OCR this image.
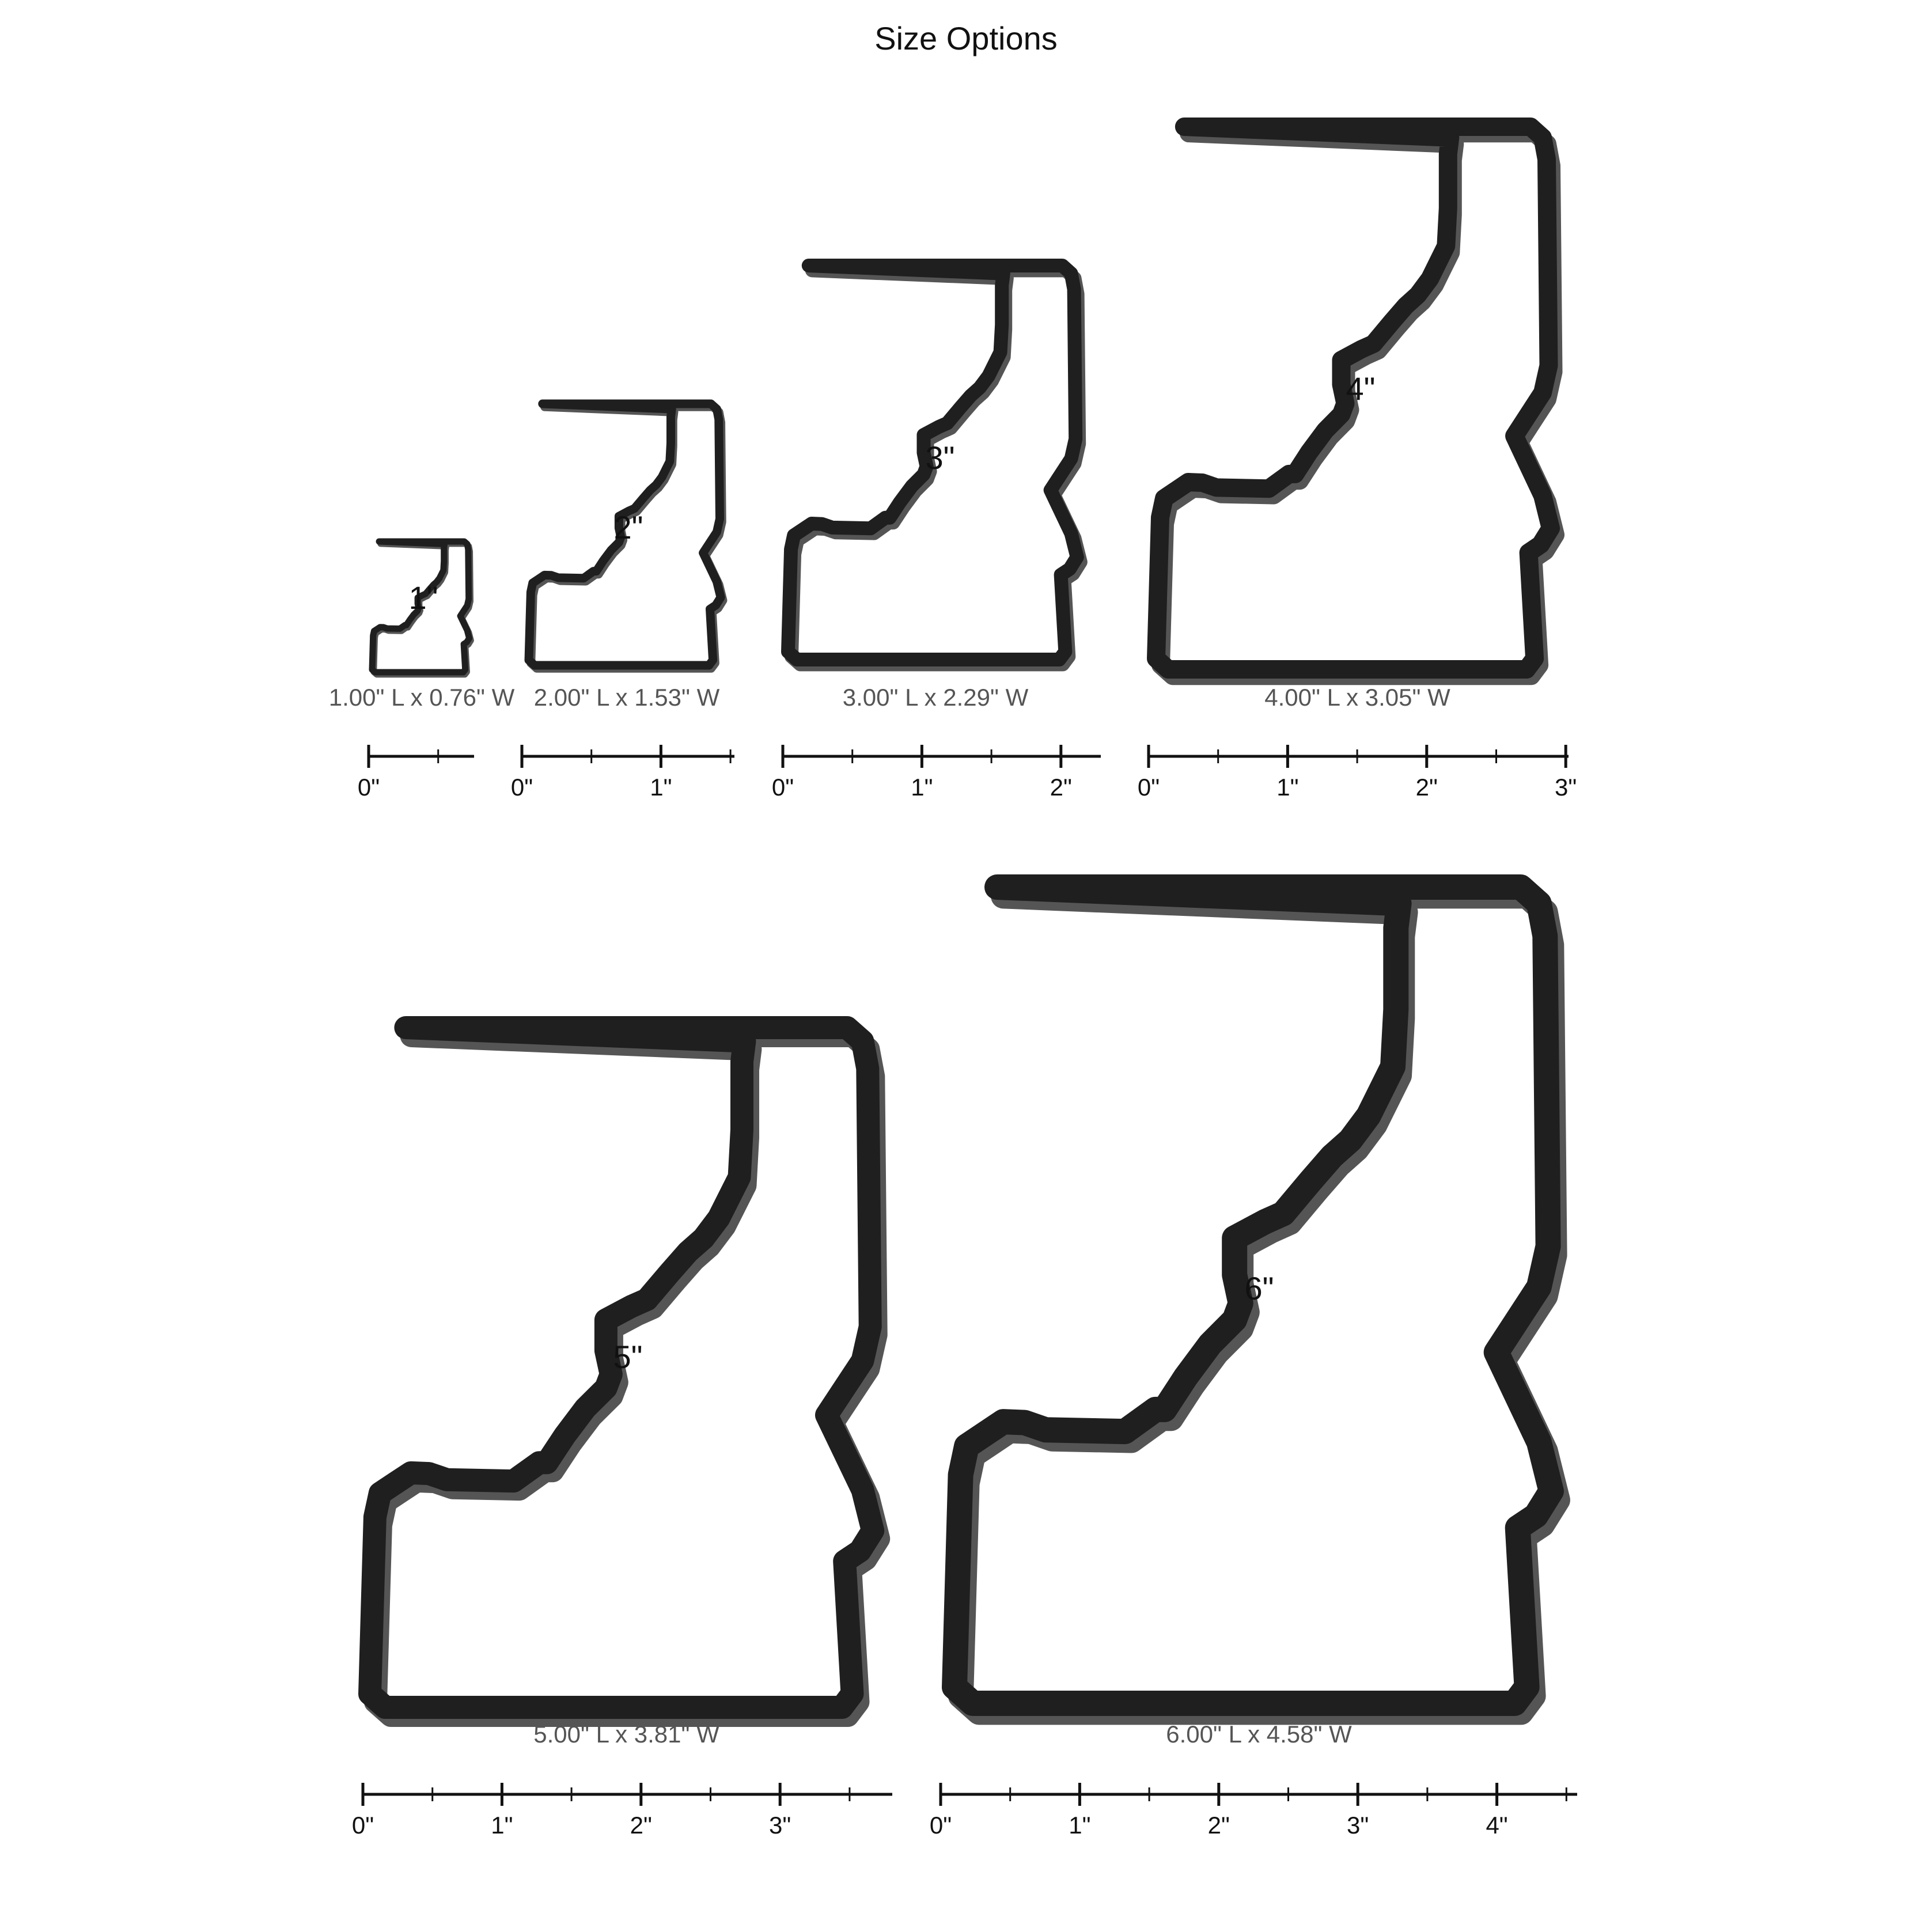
Size Options
1"
1.00" L x 0.76" W
0"
2"
2.00" L x 1.53" W
0"	1"
3"
3.00" L x 2.29" W
0"	1"	2"
4"
4.00" L x 3.05" W
0"	1"	2"	3"
5"
5.00" L x 3.81" W
0"	1"	2"	3"
6"
6.00" L x 4.58" W
0"	1"	2"	3"	4"
